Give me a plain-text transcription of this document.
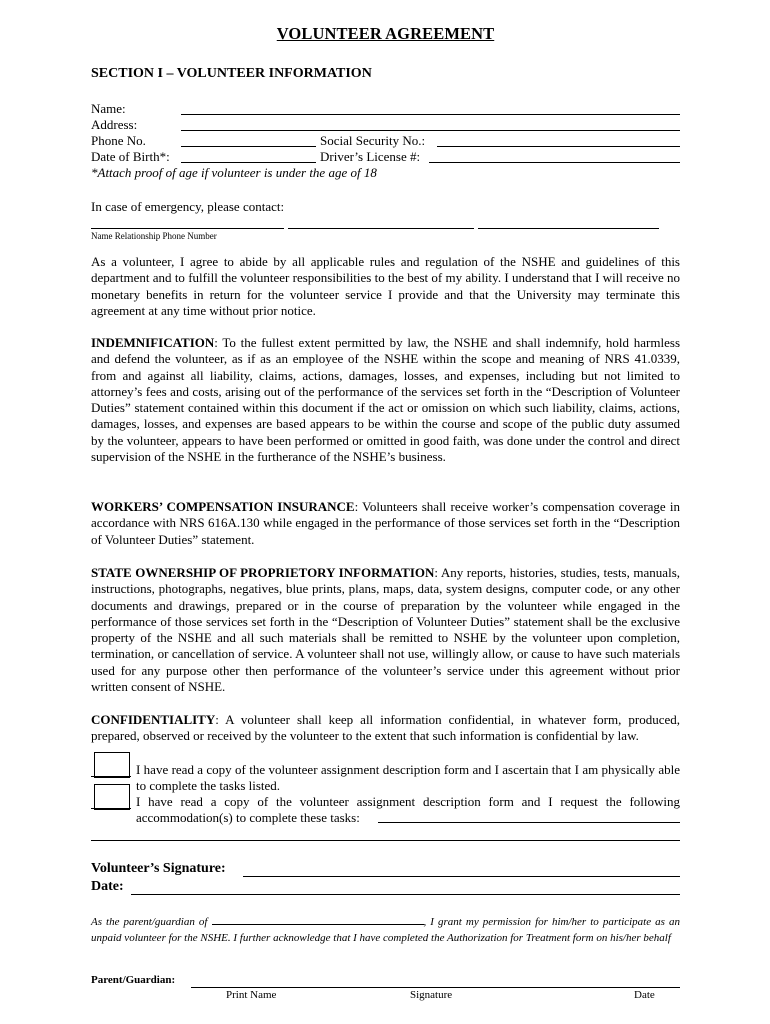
VOLUNTEER AGREEMENT
SECTION I – VOLUNTEER INFORMATION
Name:
Address:
Phone No.	Social Security No.:
Date of Birth*:	Driver’s License #:
*Attach proof of age if volunteer is under the age of 18
In case of emergency, please contact:
Name Relationship Phone Number

As a volunteer, I agree to abide by all applicable rules and regulation of the NSHE and guidelines of this department and to fulfill the volunteer responsibilities to the best of my ability. I understand that I will receive no monetary benefits in return for the volunteer service I provide and that the University may terminate this agreement at any time without prior notice.

INDEMNIFICATION: To the fullest extent permitted by law, the NSHE and shall indemnify, hold harmless and defend the volunteer, as if as an employee of the NSHE within the scope and meaning of NRS 41.0339, from and against all liability, claims, actions, damages, losses, and expenses, including but not limited to attorney’s fees and costs, arising out of the performance of the services set forth in the “Description of Volunteer Duties” statement contained within this document if the act or omission on which such liability, claims, actions, damages, losses, and expenses are based appears to be within the course and scope of the public duty assumed by the volunteer, appears to have been performed or omitted in good faith, was done under the control and direct supervision of the NSHE in the furtherance of the NSHE’s business.

WORKERS’ COMPENSATION INSURANCE: Volunteers shall receive worker’s compensation coverage in accordance with NRS 616A.130 while engaged in the performance of those services set forth in the “Description of Volunteer Duties” statement.

STATE OWNERSHIP OF PROPRIETORY INFORMATION: Any reports, histories, studies, tests, manuals, instructions, photographs, negatives, blue prints, plans, maps, data, system designs, computer code, or any other documents and drawings, prepared or in the course of preparation by the volunteer while engaged in the performance of those services set forth in the “Description of Volunteer Duties” statement shall be the exclusive property of the NSHE and all such materials shall be remitted to NSHE by the volunteer upon completion, termination, or cancellation of service. A volunteer shall not use, willingly allow, or cause to have such materials used for any purpose other then performance of the volunteer’s service under this agreement without prior written consent of NSHE.

CONFIDENTIALITY: A volunteer shall keep all information confidential, in whatever form, produced, prepared, observed or received by the volunteer to the extent that such information is confidential by law.

I have read a copy of the volunteer assignment description form and I ascertain that I am physically able to complete the tasks listed.
I have read a copy of the volunteer assignment description form and I request the following accommodation(s) to complete these tasks:
Volunteer’s Signature:
Date:
As the parent/guardian of	, I grant my permission for him/her to participate as an unpaid volunteer for the NSHE. I further acknowledge that I have completed the Authorization for Treatment form on his/her behalf
Parent/Guardian:
Print Name	Signature	Date
